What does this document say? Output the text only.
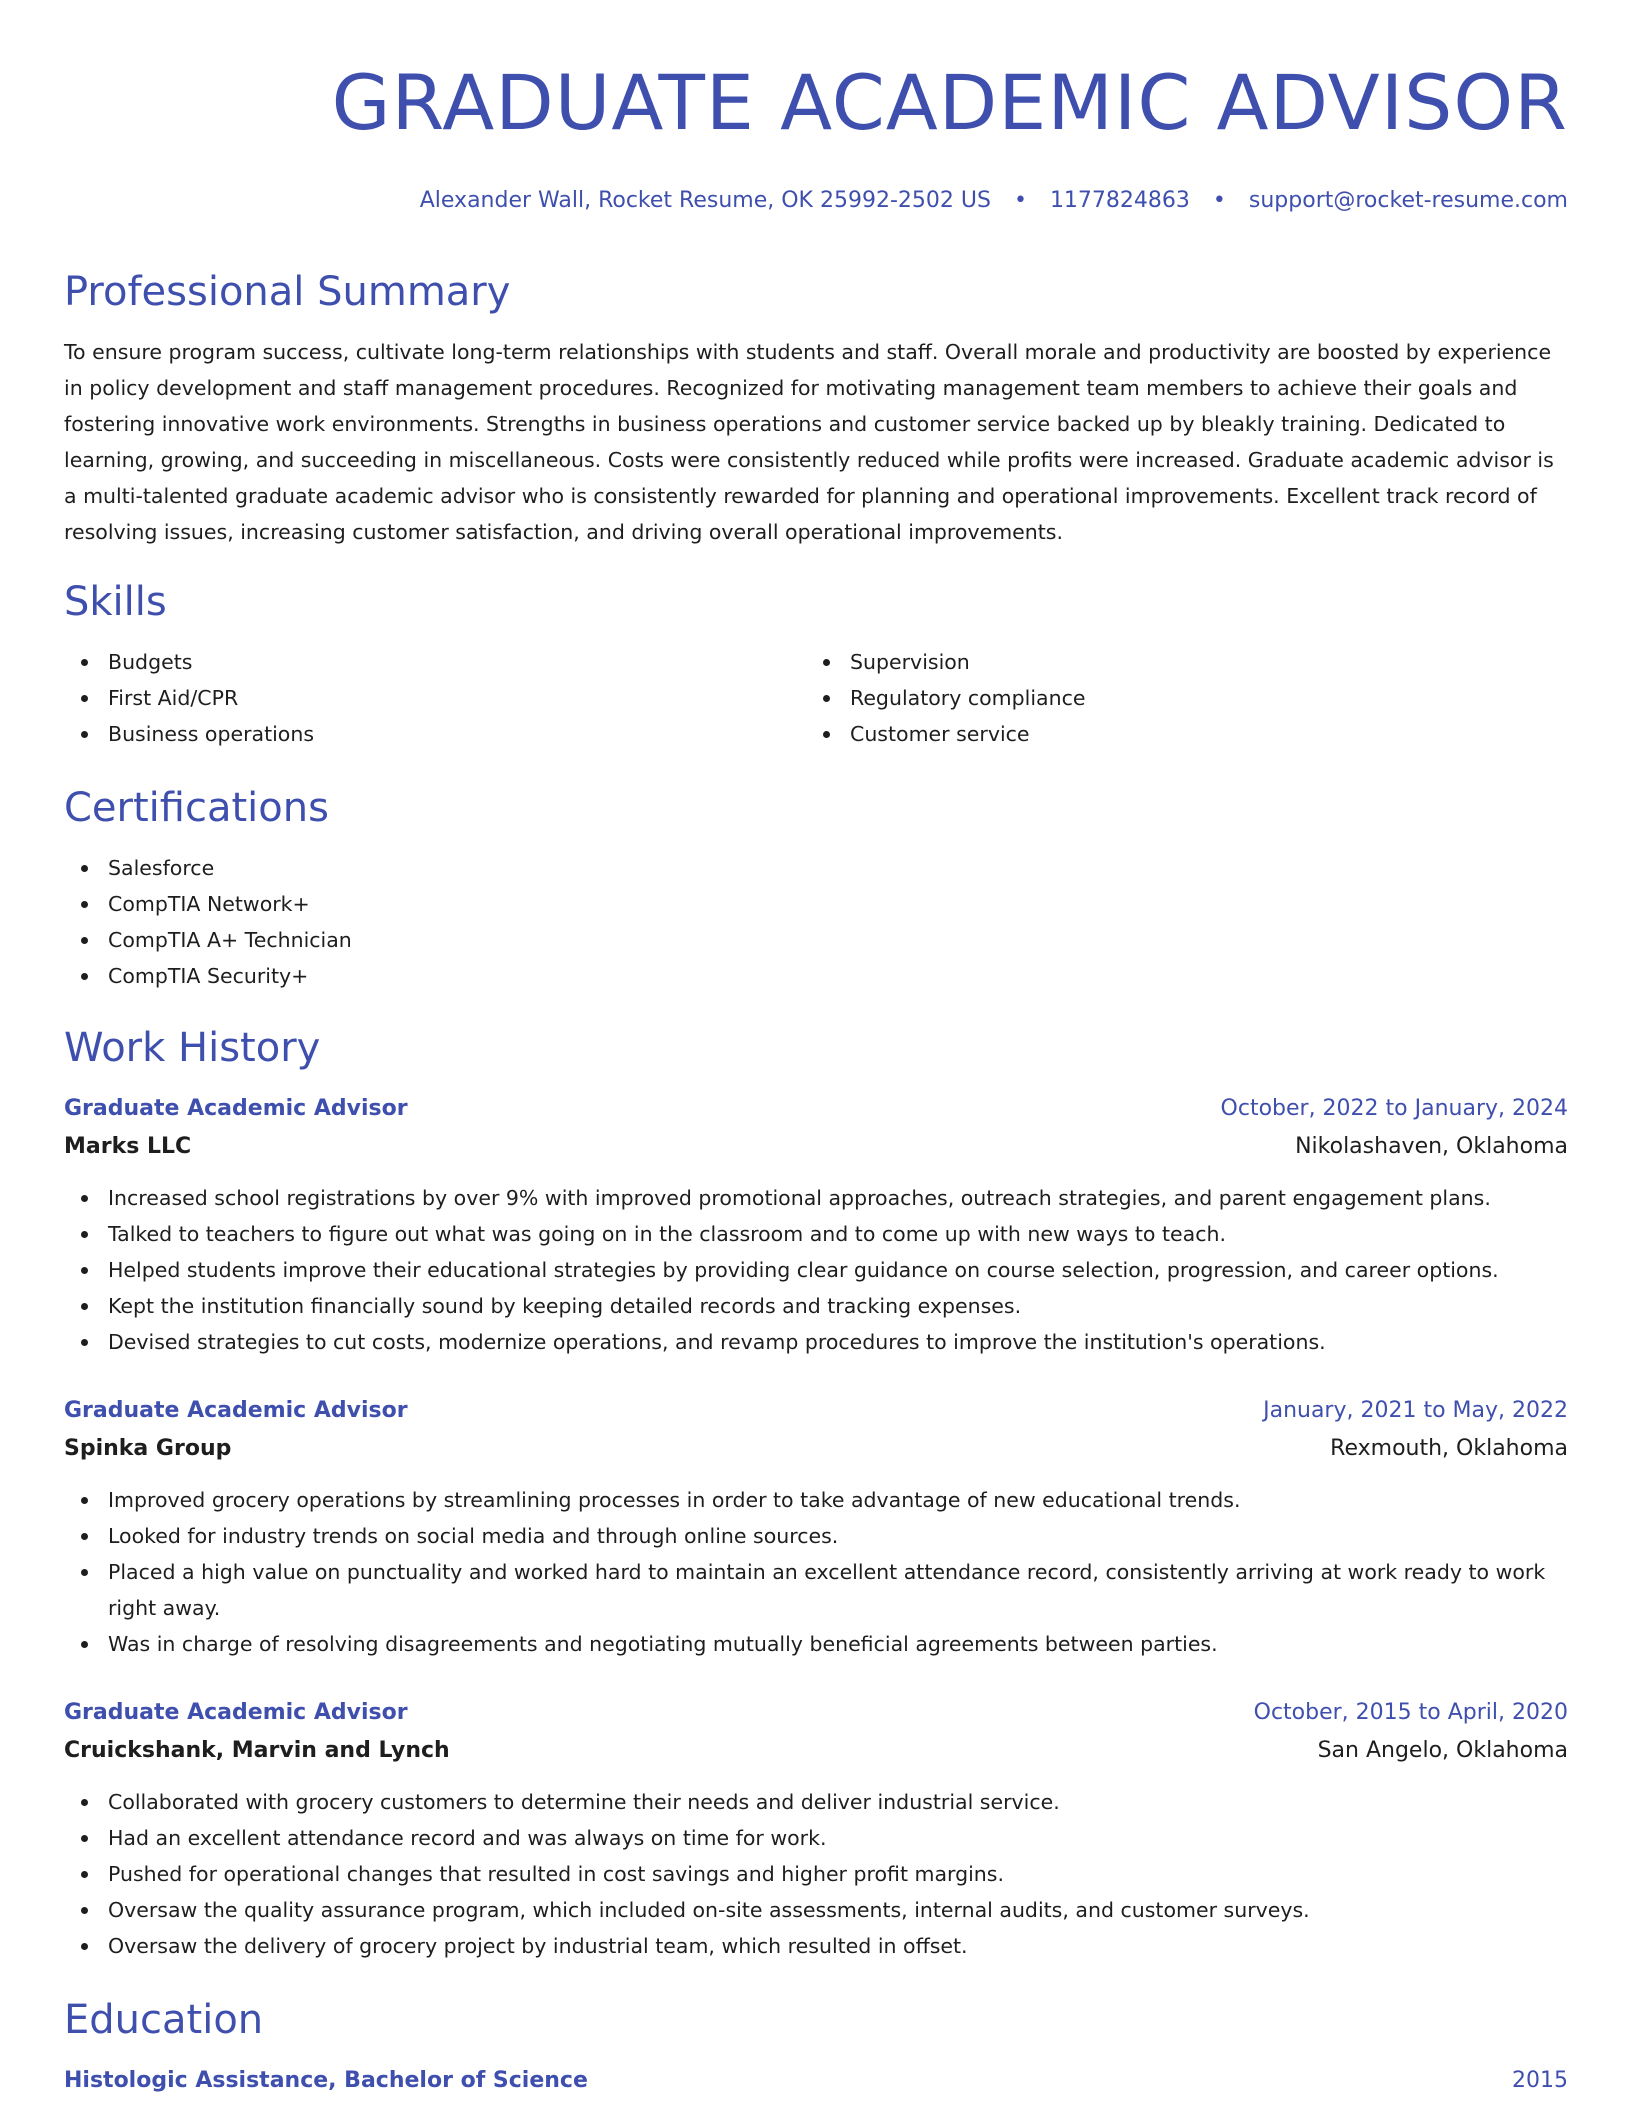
GRADUATE ACADEMIC ADVISOR
Alexander Wall, Rocket Resume, OK 25992-2502 US • 1177824863 • support@rocket-resume.com
Professional Summary
To ensure program success, cultivate long-term relationships with students and staff. Overall morale and productivity are boosted by experience in policy development and staff management procedures. Recognized for motivating management team members to achieve their goals and fostering innovative work environments. Strengths in business operations and customer service backed up by bleakly training. Dedicated to learning, growing, and succeeding in miscellaneous. Costs were consistently reduced while profits were increased. Graduate academic advisor is a multi-talented graduate academic advisor who is consistently rewarded for planning and operational improvements. Excellent track record of resolving issues, increasing customer satisfaction, and driving overall operational improvements.
Skills
Budgets
First Aid/CPR
Business operations
Supervision
Regulatory compliance
Customer service
Certifications
Salesforce
CompTIA Network+
CompTIA A+ Technician
CompTIA Security+
Work History
Graduate Academic Advisor	October, 2022 to January, 2024
Marks LLC	Nikolashaven, Oklahoma
Increased school registrations by over 9% with improved promotional approaches, outreach strategies, and parent engagement plans.
Talked to teachers to figure out what was going on in the classroom and to come up with new ways to teach.
Helped students improve their educational strategies by providing clear guidance on course selection, progression, and career options.
Kept the institution financially sound by keeping detailed records and tracking expenses.
Devised strategies to cut costs, modernize operations, and revamp procedures to improve the institution's operations.
Graduate Academic Advisor	January, 2021 to May, 2022
Spinka Group	Rexmouth, Oklahoma
Improved grocery operations by streamlining processes in order to take advantage of new educational trends.
Looked for industry trends on social media and through online sources.
Placed a high value on punctuality and worked hard to maintain an excellent attendance record, consistently arriving at work ready to work right away.
Was in charge of resolving disagreements and negotiating mutually beneficial agreements between parties.
Graduate Academic Advisor	October, 2015 to April, 2020
Cruickshank, Marvin and Lynch	San Angelo, Oklahoma
Collaborated with grocery customers to determine their needs and deliver industrial service.
Had an excellent attendance record and was always on time for work.
Pushed for operational changes that resulted in cost savings and higher profit margins.
Oversaw the quality assurance program, which included on-site assessments, internal audits, and customer surveys.
Oversaw the delivery of grocery project by industrial team, which resulted in offset.
Education
Histologic Assistance, Bachelor of Science	2015
